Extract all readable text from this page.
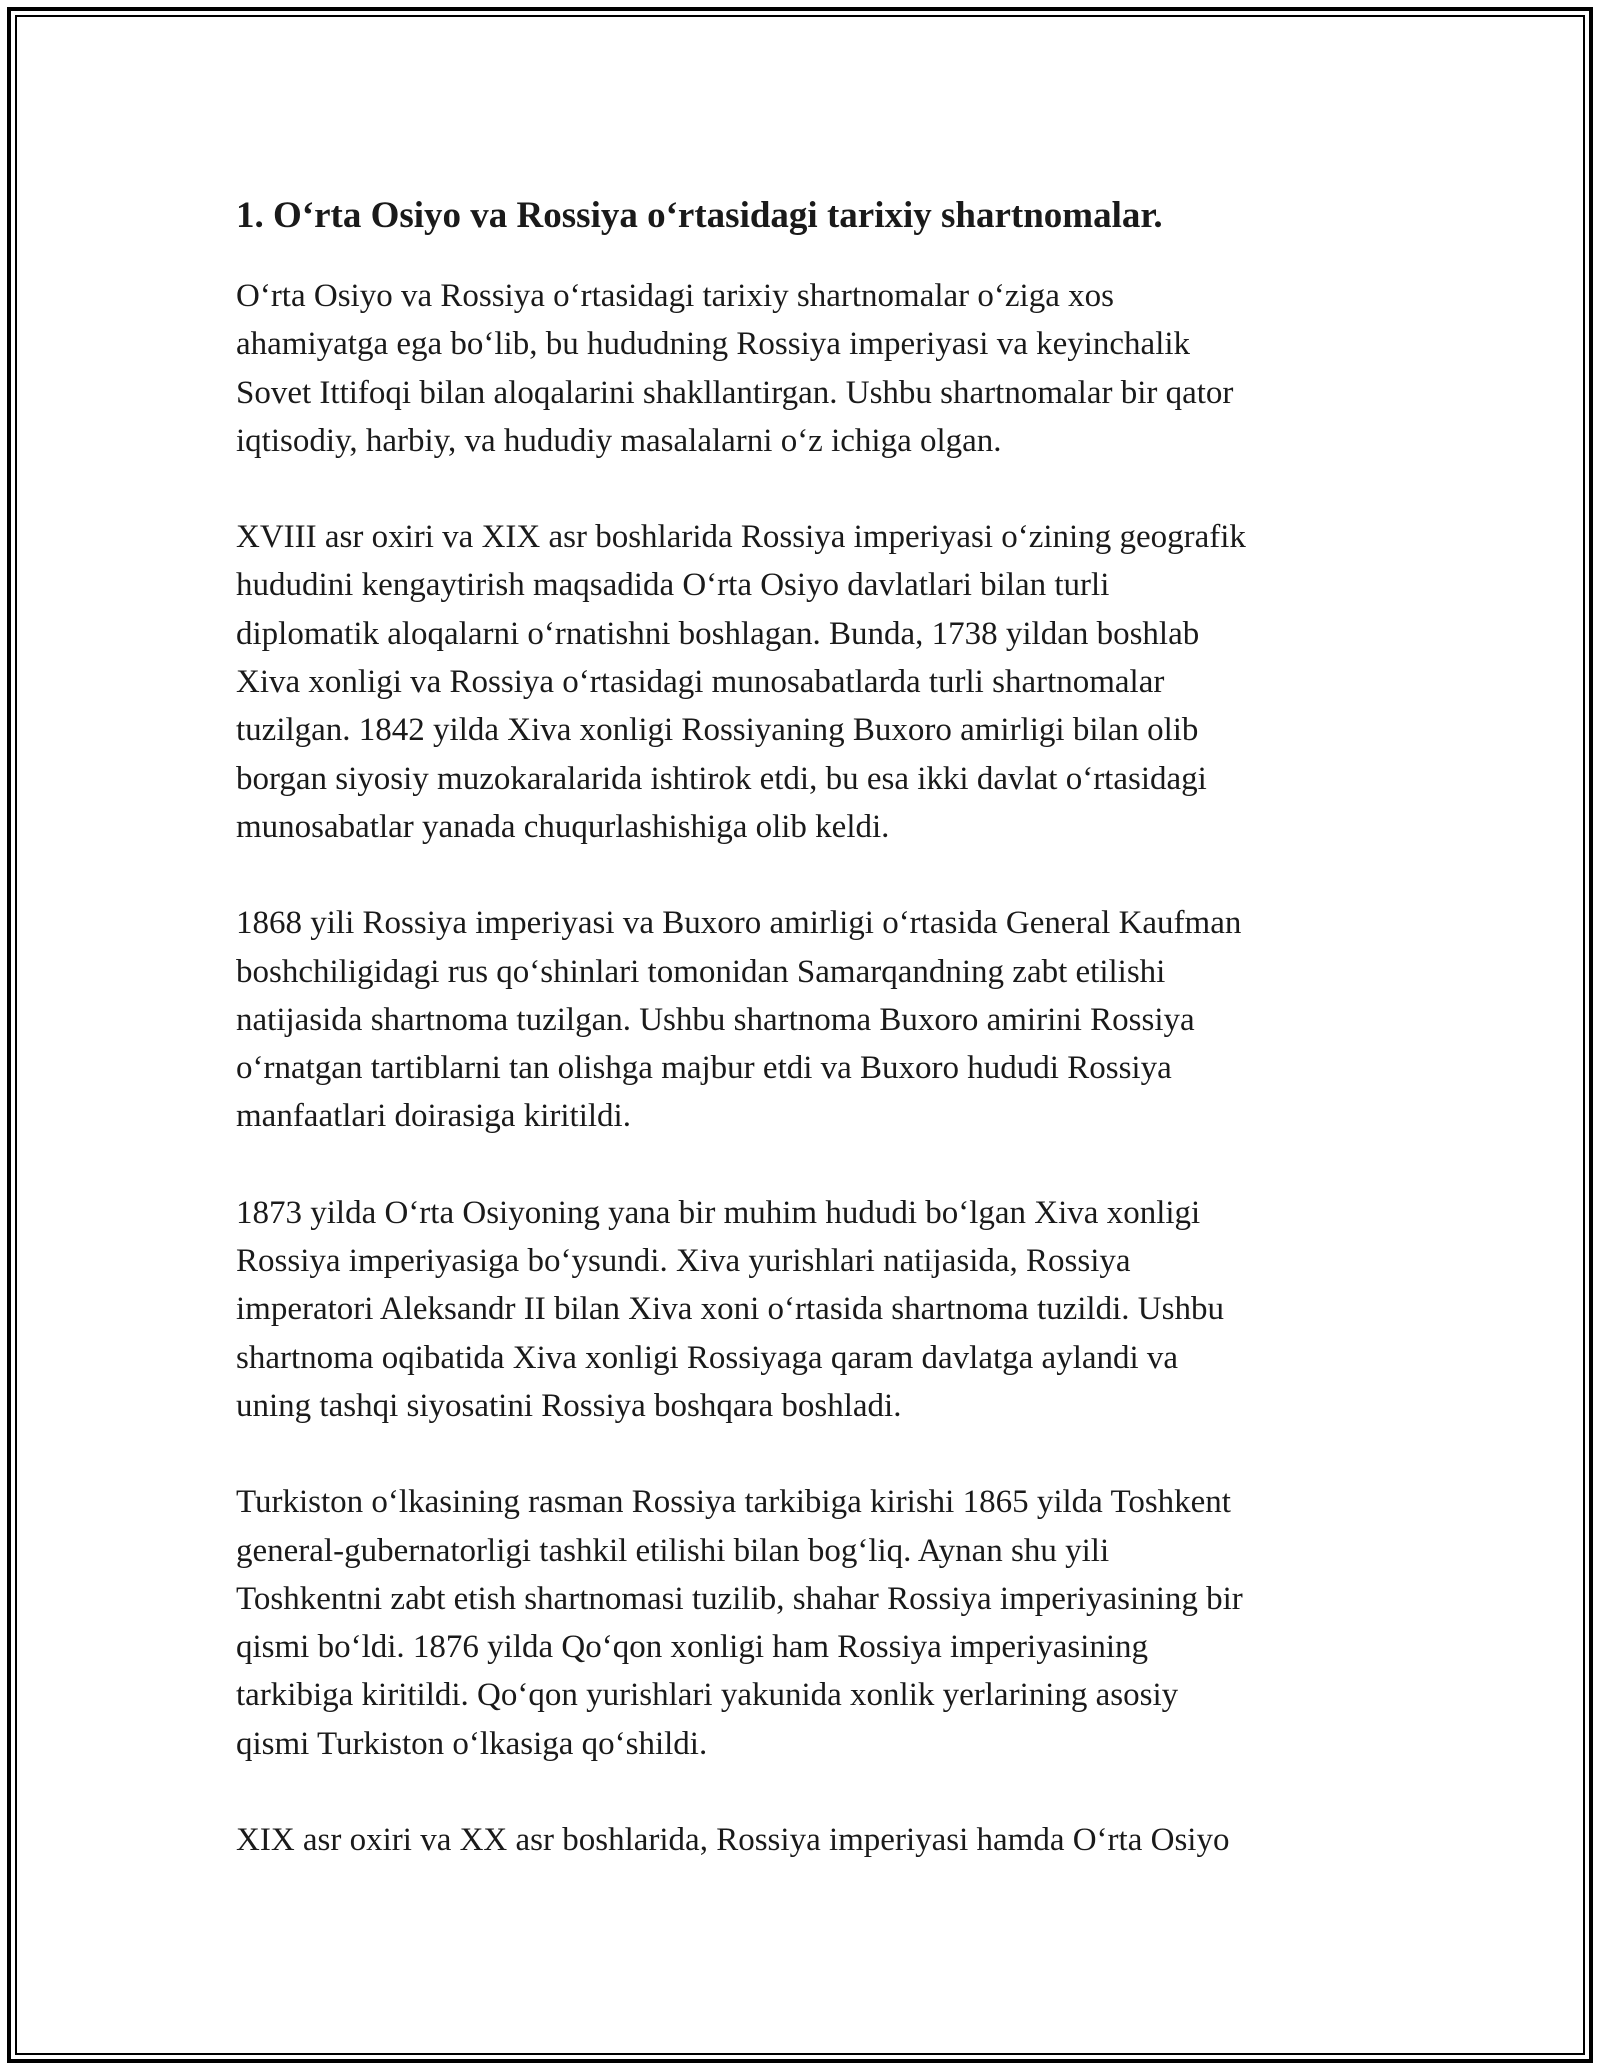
1. O‘rta Osiyo va Rossiya o‘rtasidagi tarixiy shartnomalar.

O‘rta Osiyo va Rossiya o‘rtasidagi tarixiy shartnomalar o‘ziga xos
ahamiyatga ega bo‘lib, bu hududning Rossiya imperiyasi va keyinchalik
Sovet Ittifoqi bilan aloqalarini shakllantirgan. Ushbu shartnomalar bir qator
iqtisodiy, harbiy, va hududiy masalalarni o‘z ichiga olgan.

XVIII asr oxiri va XIX asr boshlarida Rossiya imperiyasi o‘zining geografik
hududini kengaytirish maqsadida O‘rta Osiyo davlatlari bilan turli
diplomatik aloqalarni o‘rnatishni boshlagan. Bunda, 1738 yildan boshlab
Xiva xonligi va Rossiya o‘rtasidagi munosabatlarda turli shartnomalar
tuzilgan. 1842 yilda Xiva xonligi Rossiyaning Buxoro amirligi bilan olib
borgan siyosiy muzokaralarida ishtirok etdi, bu esa ikki davlat o‘rtasidagi
munosabatlar yanada chuqurlashishiga olib keldi.

1868 yili Rossiya imperiyasi va Buxoro amirligi o‘rtasida General Kaufman
boshchiligidagi rus qo‘shinlari tomonidan Samarqandning zabt etilishi
natijasida shartnoma tuzilgan. Ushbu shartnoma Buxoro amirini Rossiya
o‘rnatgan tartiblarni tan olishga majbur etdi va Buxoro hududi Rossiya
manfaatlari doirasiga kiritildi.

1873 yilda O‘rta Osiyoning yana bir muhim hududi bo‘lgan Xiva xonligi
Rossiya imperiyasiga bo‘ysundi. Xiva yurishlari natijasida, Rossiya
imperatori Aleksandr II bilan Xiva xoni o‘rtasida shartnoma tuzildi. Ushbu
shartnoma oqibatida Xiva xonligi Rossiyaga qaram davlatga aylandi va
uning tashqi siyosatini Rossiya boshqara boshladi.

Turkiston o‘lkasining rasman Rossiya tarkibiga kirishi 1865 yilda Toshkent
general-gubernatorligi tashkil etilishi bilan bog‘liq. Aynan shu yili
Toshkentni zabt etish shartnomasi tuzilib, shahar Rossiya imperiyasining bir
qismi bo‘ldi. 1876 yilda Qo‘qon xonligi ham Rossiya imperiyasining
tarkibiga kiritildi. Qo‘qon yurishlari yakunida xonlik yerlarining asosiy
qismi Turkiston o‘lkasiga qo‘shildi.

XIX asr oxiri va XX asr boshlarida, Rossiya imperiyasi hamda O‘rta Osiyo
